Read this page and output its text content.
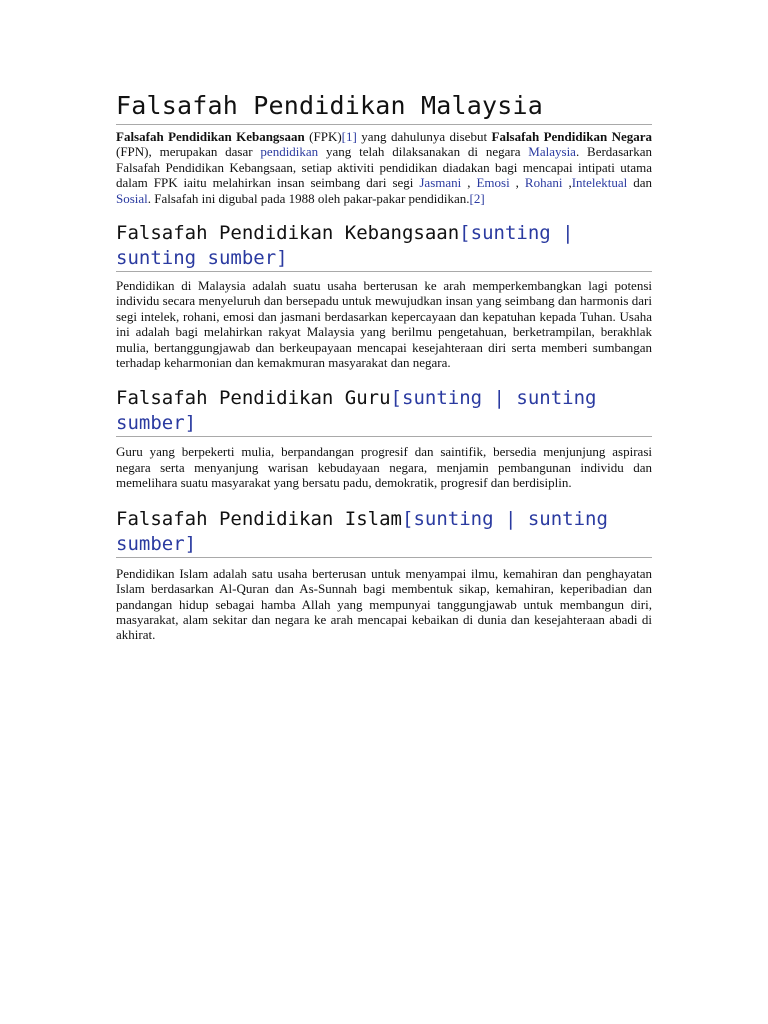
Falsafah Pendidikan Malaysia

Falsafah Pendidikan Kebangsaan (FPK)[1] yang dahulunya disebut Falsafah Pendidikan Negara (FPN), merupakan dasar pendidikan yang telah dilaksanakan di negara Malaysia. Berdasarkan Falsafah Pendidikan Kebangsaan, setiap aktiviti pendidikan diadakan bagi mencapai intipati utama dalam FPK iaitu melahirkan insan seimbang dari segi Jasmani , Emosi , Rohani ,Intelektual dan Sosial. Falsafah ini digubal pada 1988 oleh pakar-pakar pendidikan.[2]

Falsafah Pendidikan Kebangsaan[sunting | sunting sumber]

Pendidikan di Malaysia adalah suatu usaha berterusan ke arah memperkembangkan lagi potensi individu secara menyeluruh dan bersepadu untuk mewujudkan insan yang seimbang dan harmonis dari segi intelek, rohani, emosi dan jasmani berdasarkan kepercayaan dan kepatuhan kepada Tuhan. Usaha ini adalah bagi melahirkan rakyat Malaysia yang berilmu pengetahuan, berketrampilan, berakhlak mulia, bertanggungjawab dan berkeupayaan mencapai kesejahteraan diri serta memberi sumbangan terhadap keharmonian dan kemakmuran masyarakat dan negara.

Falsafah Pendidikan Guru[sunting | sunting sumber]

Guru yang berpekerti mulia, berpandangan progresif dan saintifik, bersedia menjunjung aspirasi negara serta menyanjung warisan kebudayaan negara, menjamin pembangunan individu dan memelihara suatu masyarakat yang bersatu padu, demokratik, progresif dan berdisiplin.

Falsafah Pendidikan Islam[sunting | sunting sumber]

Pendidikan Islam adalah satu usaha berterusan untuk menyampai ilmu, kemahiran dan penghayatan Islam berdasarkan Al-Quran dan As-Sunnah bagi membentuk sikap, kemahiran, keperibadian dan pandangan hidup sebagai hamba Allah yang mempunyai tanggungjawab untuk membangun diri, masyarakat, alam sekitar dan negara ke arah mencapai kebaikan di dunia dan kesejahteraan abadi di akhirat.
